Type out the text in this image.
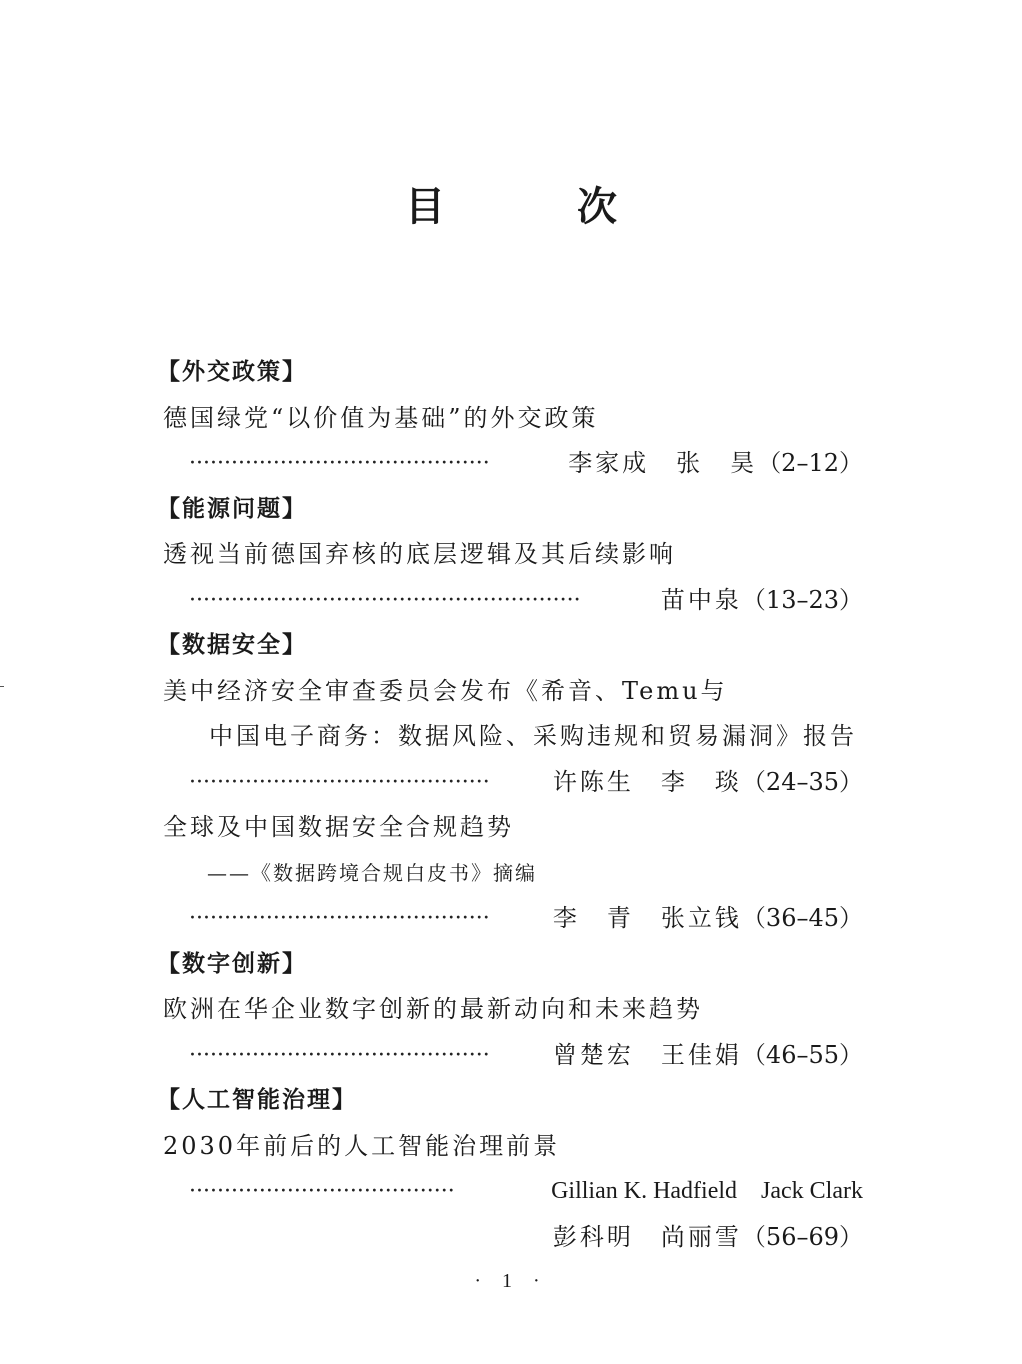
目　次
【外交政策】
德国绿党“以价值为基础”的外交政策
···········································	李家成　张　昊 （2–12）
【能源问题】
透视当前德国弃核的底层逻辑及其后续影响
························································	苗中泉 （13–23）
【数据安全】
美中经济安全审查委员会发布《希音、Temu与
中国电子商务：数据风险、采购违规和贸易漏洞》报告
···········································	许陈生　李　琰 （24–35）
全球及中国数据安全合规趋势
——《数据跨境合规白皮书》摘编
···········································	李　青　张立钱 （36–45）
【数字创新】
欧洲在华企业数字创新的最新动向和未来趋势
···········································	曾楚宏　王佳娟 （46–55）
【人工智能治理】
2030年前后的人工智能治理前景
······································	Gillian K. Hadfield　Jack Clark
彭科明　尚丽雪（56–69）
· 1 ·
